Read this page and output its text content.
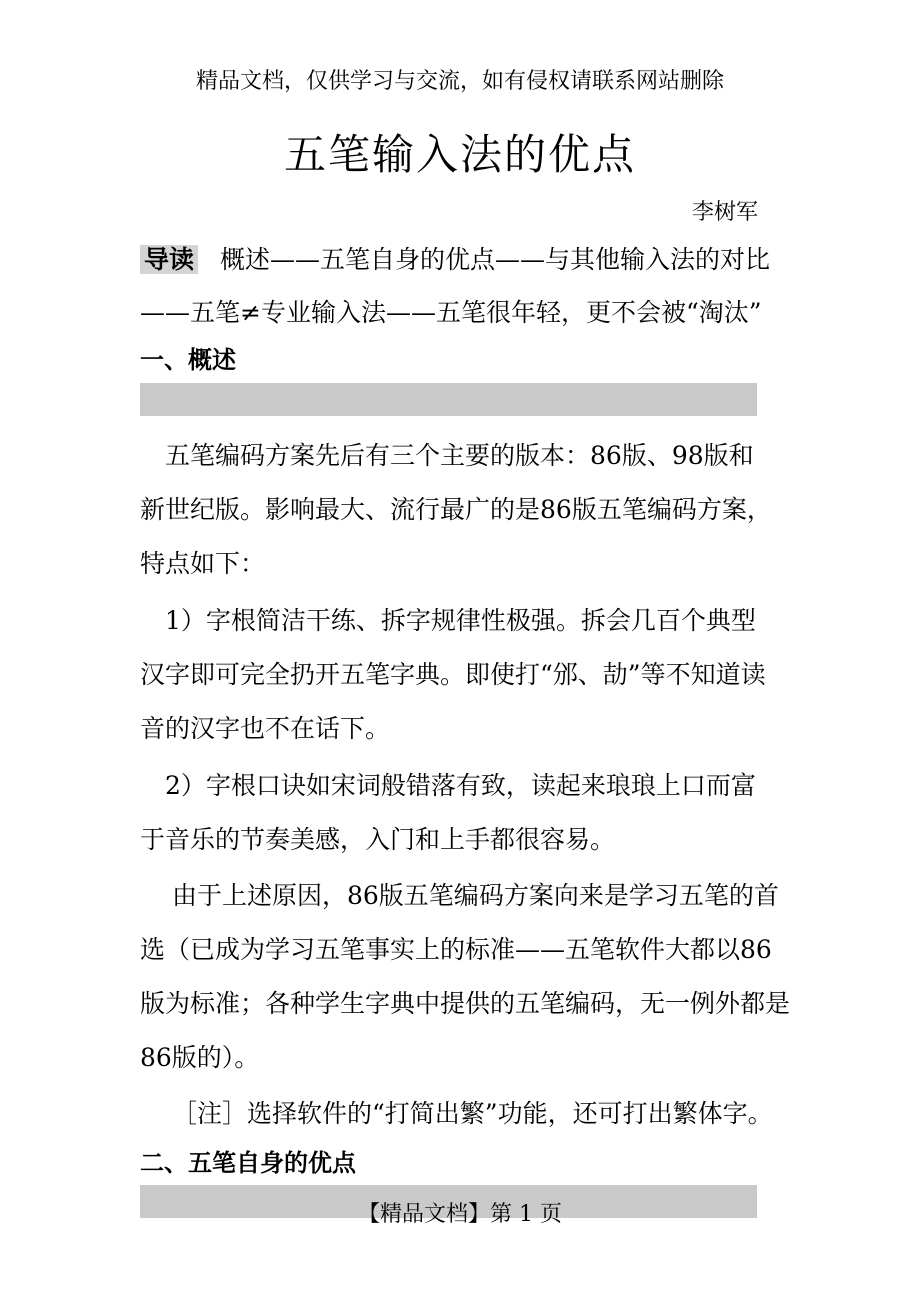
精品文档，仅供学习与交流，如有侵权请联系网站删除
五笔输入法的优点
李树军
导读 概述——五笔自身的优点——与其他输入法的对比
——五笔≠专业输入法——五笔很年轻，更不会被“淘汰”
一、概述
　五笔编码方案先后有三个主要的版本：86版、98版和
新世纪版。影响最大、流行最广的是86版五笔编码方案，
特点如下：
　1）字根简洁干练、拆字规律性极强。拆会几百个典型
汉字即可完全扔开五笔字典。即使打“邠、劼”等不知道读
音的汉字也不在话下。
　2）字根口诀如宋词般错落有致，读起来琅琅上口而富
于音乐的节奏美感，入门和上手都很容易。
由于上述原因，86版五笔编码方案向来是学习五笔的首
选（已成为学习五笔事实上的标准——五笔软件大都以86
版为标准；各种学生字典中提供的五笔编码，无一例外都是
86版的）。
［注］选择软件的“打简出繁”功能，还可打出繁体字。
二、五笔自身的优点
【精品文档】第 1 页
